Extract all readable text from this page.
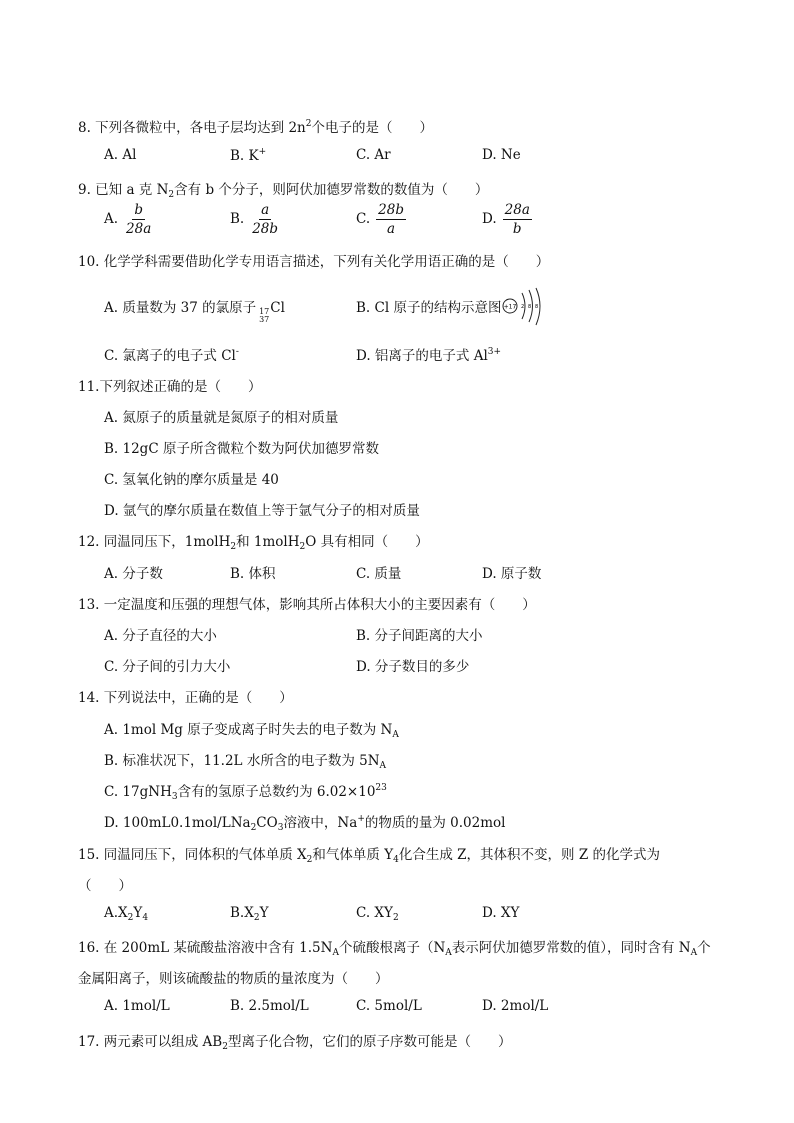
8. 下列各微粒中，各电子层均达到 $2n^2$个电子的是（　　）
A. Al	B. K+	C. Ar	D. Ne
9. 已知 a 克 $N_2$含有 b 个分子，则阿伏加德罗常数的数值为（　　）
A. $\frac{b}{28a}$	B. $\frac{a}{28b}$	C. $\frac{28b}{a}$	D. $\frac{28a}{b}$
10. 化学学科需要借助化学专用语言描述，下列有关化学用语正确的是（　　）
A. 质量数为 37 的氯原子 17
37
Cl	B. Cl 原子的结构示意图 +17 2 8 8
C. 氯离子的电子式 Cl-	D. 铝离子的电子式 $Al^{3+}$
11.下列叙述正确的是（　　）
A. 氮原子的质量就是氮原子的相对质量
B. 12gC 原子所含微粒个数为阿伏加德罗常数
C. 氢氧化钠的摩尔质量是 40
D. 氩气的摩尔质量在数值上等于氩气分子的相对质量
12. 同温同压下，1molH$_2$和 1molH$_2$O 具有相同（　　）
A. 分子数	B. 体积	C. 质量	D. 原子数
13. 一定温度和压强的理想气体，影响其所占体积大小的主要因素有（　　）
A. 分子直径的大小	B. 分子间距离的大小
C. 分子间的引力大小	D. 分子数目的多少
14. 下列说法中，正确的是（　　）
A. 1mol Mg 原子变成离子时失去的电子数为 $N_A$
B. 标准状况下，11.2L 水所含的电子数为 $5N_A$
C. 17gNH$_3$含有的氢原子总数约为 $6.02\times 10^{23}$
D. $100mL0.1mol/LNa_2CO_3$溶液中，Na+的物质的量为 0.02mol
15. 同温同压下，同体积的气体单质 $X_2$和气体单质 $Y_4$化合生成 Z，其体积不变，则 Z 的化学式为
（　　）
$A.X_2Y_4$	$B.X_2Y$	C. $XY_2$	D. XY
16. 在 200mL 某硫酸盐溶液中含有 $1.5N_A$个硫酸根离子（$N_A$表示阿伏加德罗常数的值），同时含有 $N_A$个
金属阳离子，则该硫酸盐的物质的量浓度为（　　）
A. 1mol/L	B. 2.5mol/L	C. 5mol/L	D. 2mol/L
17. 两元素可以组成 $AB_2$型离子化合物，它们的原子序数可能是（　　）
